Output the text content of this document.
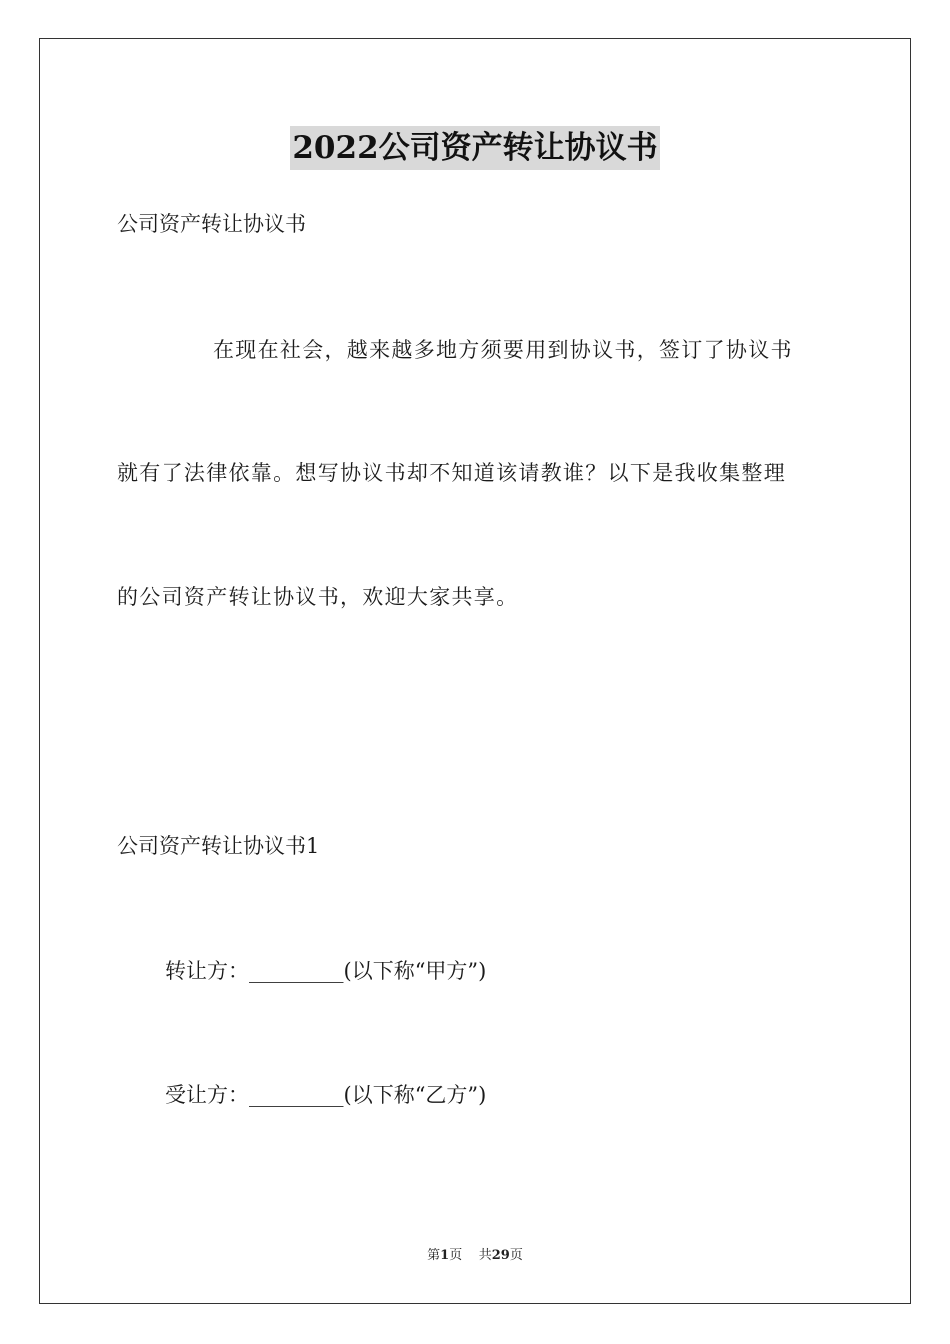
2022公司资产转让协议书
公司资产转让协议书
在现在社会，越来越多地方须要用到协议书，签订了协议书
就有了法律依靠。想写协议书却不知道该请教谁？以下是我收集整理
的公司资产转让协议书，欢迎大家共享。
公司资产转让协议书1
转让方：_________(以下称“甲方”)
受让方：_________(以下称“乙方”)
第1页 共29页
